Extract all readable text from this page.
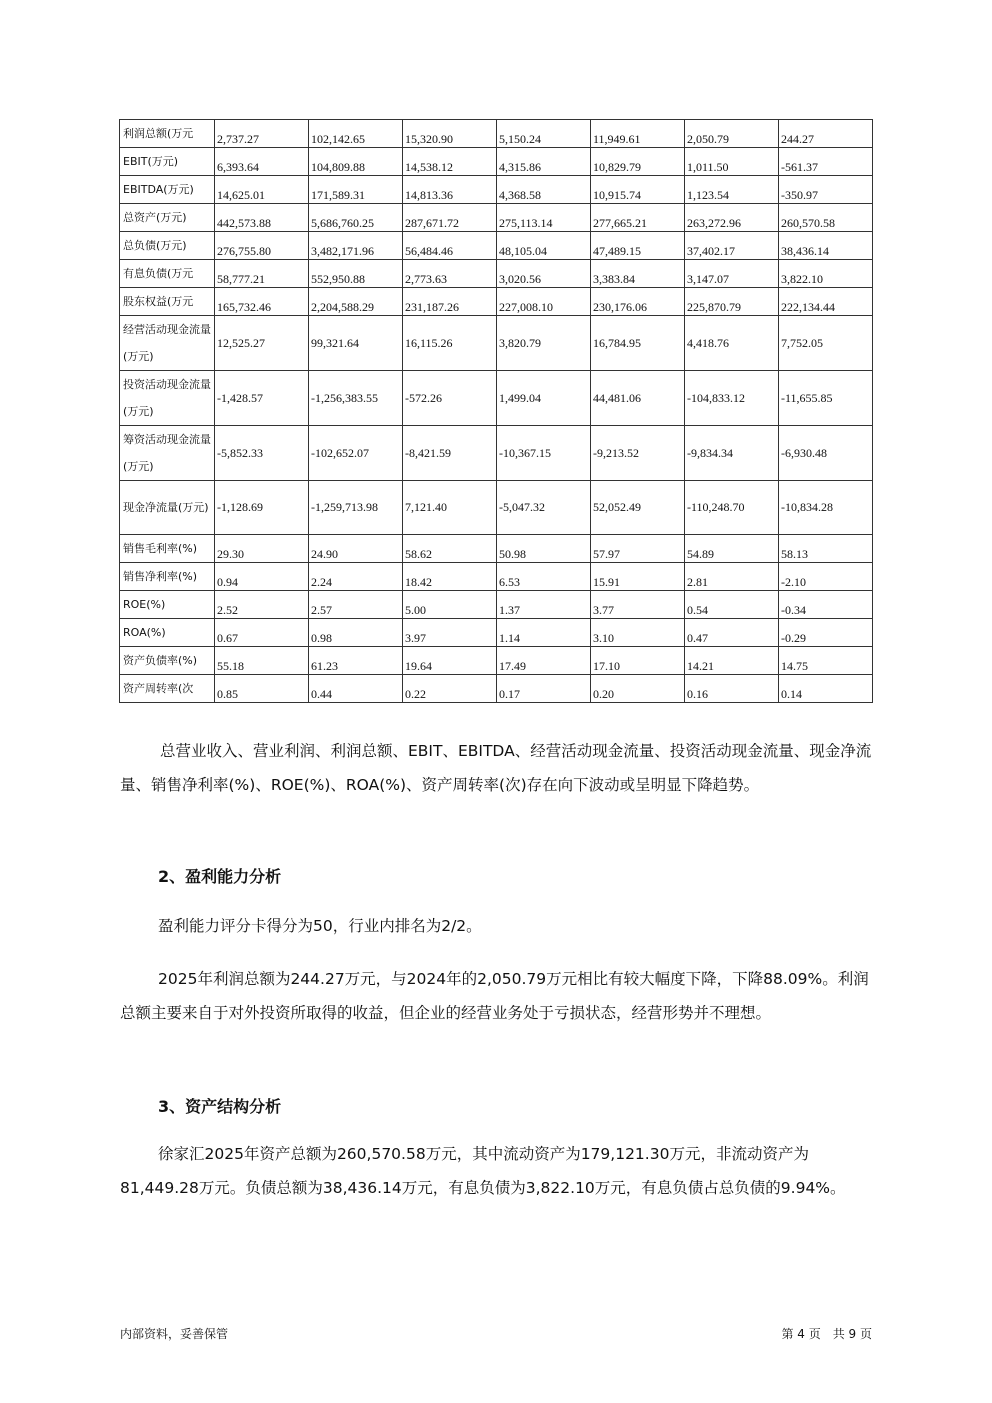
利润总额(万元	2,737.27	102,142.65	15,320.90	5,150.24	11,949.61	2,050.79	244.27
EBIT(万元)	6,393.64	104,809.88	14,538.12	4,315.86	10,829.79	1,011.50	-561.37
EBITDA(万元)	14,625.01	171,589.31	14,813.36	4,368.58	10,915.74	1,123.54	-350.97
总资产(万元)	442,573.88	5,686,760.25	287,671.72	275,113.14	277,665.21	263,272.96	260,570.58
总负债(万元)	276,755.80	3,482,171.96	56,484.46	48,105.04	47,489.15	37,402.17	38,436.14
有息负债(万元	58,777.21	552,950.88	2,773.63	3,020.56	3,383.84	3,147.07	3,822.10
股东权益(万元	165,732.46	2,204,588.29	231,187.26	227,008.10	230,176.06	225,870.79	222,134.44
经营活动现金流量(万元)	12,525.27	99,321.64	16,115.26	3,820.79	16,784.95	4,418.76	7,752.05
投资活动现金流量(万元)	-1,428.57	-1,256,383.55	-572.26	1,499.04	44,481.06	-104,833.12	-11,655.85
筹资活动现金流量(万元)	-5,852.33	-102,652.07	-8,421.59	-10,367.15	-9,213.52	-9,834.34	-6,930.48
现金净流量(万元)	-1,128.69	-1,259,713.98	7,121.40	-5,047.32	52,052.49	-110,248.70	-10,834.28
销售毛利率(%)	29.30	24.90	58.62	50.98	57.97	54.89	58.13
销售净利率(%)	0.94	2.24	18.42	6.53	15.91	2.81	-2.10
ROE(%)	2.52	2.57	5.00	1.37	3.77	0.54	-0.34
ROA(%)	0.67	0.98	3.97	1.14	3.10	0.47	-0.29
资产负债率(%)	55.18	61.23	19.64	17.49	17.10	14.21	14.75
资产周转率(次	0.85	0.44	0.22	0.17	0.20	0.16	0.14

总营业收入、营业利润、利润总额、EBIT、EBITDA、经营活动现金流量、投资活动现金流量、现金净流量、销售净利率(%)、ROE(%)、ROA(%)、资产周转率(次)存在向下波动或呈明显下降趋势。

2、盈利能力分析

盈利能力评分卡得分为50，行业内排名为2/2。

2025年利润总额为244.27万元，与2024年的2,050.79万元相比有较大幅度下降，下降88.09%。利润总额主要来自于对外投资所取得的收益，但企业的经营业务处于亏损状态，经营形势并不理想。

3、资产结构分析

徐家汇2025年资产总额为260,570.58万元，其中流动资产为179,121.30万元，非流动资产为81,449.28万元。负债总额为38,436.14万元，有息负债为3,822.10万元，有息负债占总负债的9.94%。

内部资料，妥善保管	第 4 页　共 9 页
